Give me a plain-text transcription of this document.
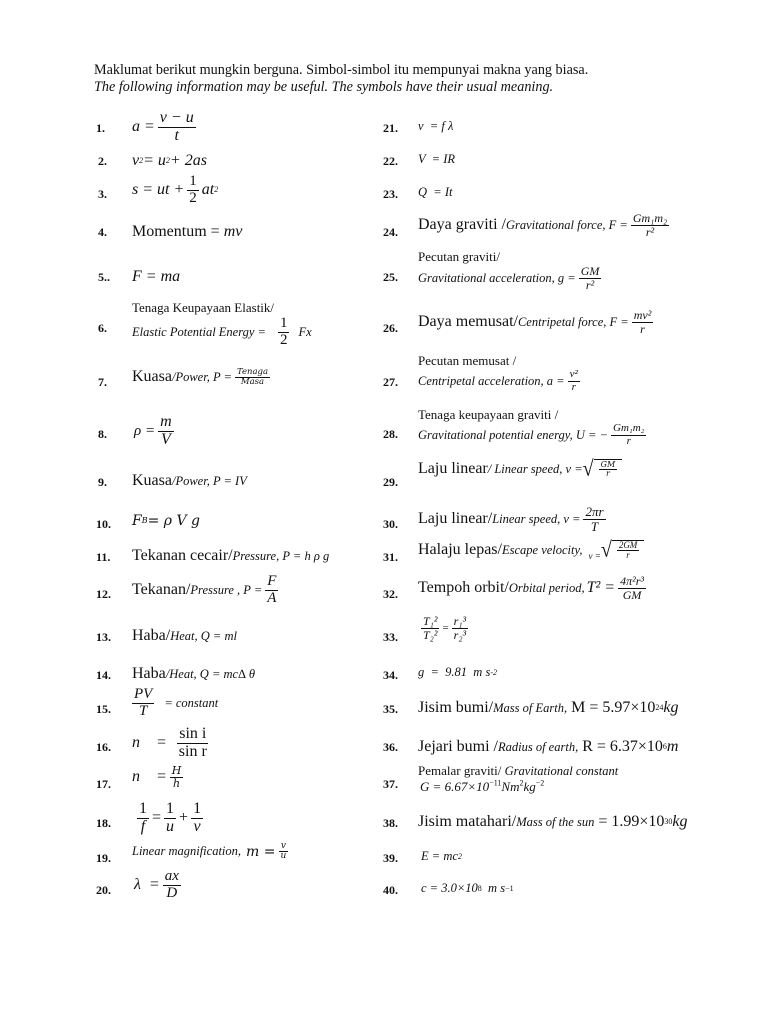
Maklumat berikut mungkin berguna. Simbol-simbol itu mempunyai makna yang biasa.
The following information may be useful. The symbols have their usual meaning.
1. $a = \frac{v - u}{t}$
2. v 2 = u 2 + 2as
3. s = ut + $\frac{1}{2}$ at 2
4. Momentum =
mv
5.. F = ma
6.
Tenaga Keupayaan Elastik/
Elastic Potential Energy = $\frac{1}{2}$ Fx
7. Kuasa /Power, $P = \frac{\text{Tenaga}}{\text{Masa}}$
8. $\rho = \frac{m}{V}$
9. Kuasa /Power, P = IV
10. F B = ρ V g
11. Tekanan cecair/ Pressure, P = h ρ g
12. Tekanan/ Pressure , $P = \frac{F}{A}$
13. Haba/ Heat, Q = ml
14. Haba /Heat, Q = mc∆ θ
15. $\frac{PV}{T}$ = constant
16. n    = $\frac{\text{sin i}}{\text{sin r}}$
17. n    = $\frac{H}{h}$
18. $\frac{1}{f} = \frac{1}{u} + \frac{1}{v}$
19. Linear magnification, $m = \frac{v}{u}$
20. $\lambda = \frac{ax}{D}$
21. v  = f λ
22. V  = IR
23. Q  = It
24. Daya graviti / Gravitational force, $F = \frac{\text{Gm₁m₂}}{\text{r²}}$
25.
Pecutan graviti/
Gravitational acceleration, $g = \frac{GM}{\text{r²}}$
26. Daya memusat/ Centripetal force, $F = \frac{\text{mv²}}{r}$
27.
Pecutan memusat /
Centripetal acceleration, $a = \frac{\text{v²}}{r}$
28.
Tenaga keupayaan graviti /
Gravitational potential energy, U = − $\frac{\text{Gm₁m₂}}{r}$
29.
Laju linear / Linear speed, v = √ $\frac{GM}{r}$
30. Laju linear/ Linear speed, $v = \frac{2\pi r}{T}$
31. Halaju lepas/ Escape velocity, v = √ $\frac{2GM}{r}$
32. Tempoh orbit/ Orbital period, $T^2 = \frac{\text{4π²r³}}{GM}$
33. $\frac{\text{T₁²}}{\text{T₂²}} = \frac{\text{r₁³}}{\text{r₂³}}$
34. g  =  9.81  m s -2
35. Jisim bumi/ Mass of Earth, M = 5.97×10 24 kg
36. Jejari bumi / Radius of earth, R = 6.37×10 6 m
37.
Pemalar graviti/ Gravitational constant
$G = 6.67\times 10^{-11}Nm^2kg^{-2}$
38. Jisim matahari/ Mass of the sun = 1.99×10 30 kg
39. E = mc 2
40. c = 3.0×10 8 m s −1
